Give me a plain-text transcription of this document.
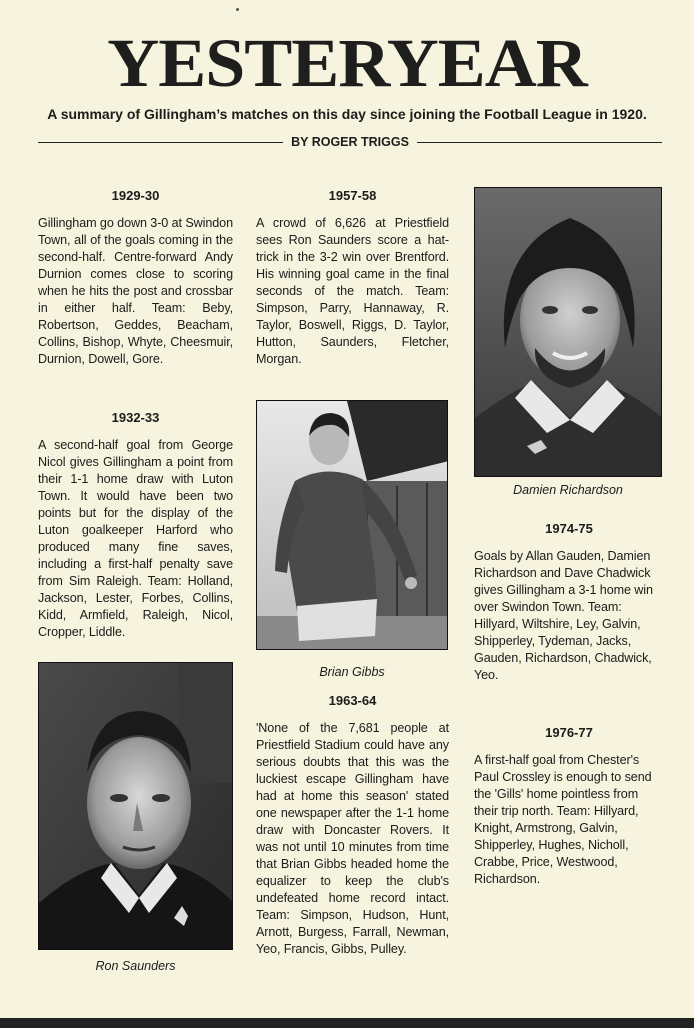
YESTERYEAR
A summary of Gillingham’s matches on this day since joining the Football League in 1920.
BY ROGER TRIGGS
1929-30
Gillingham go down 3-0 at Swindon Town, all of the goals coming in the second-half. Centre-forward Andy Durnion comes close to scoring when he hits the post and crossbar in either half. Team: Beby, Robertson, Geddes, Beacham, Collins, Bishop, Whyte, Cheesmuir, Durnion, Dowell, Gore.
1932-33
A second-half goal from George Nicol gives Gillingham a point from their 1-1 home draw with Luton Town. It would have been two points but for the display of the Luton goalkeeper Harford who produced many fine saves, including a first-half penalty save from Sim Raleigh. Team: Holland, Jackson, Lester, Forbes, Collins, Kidd, Armfield, Raleigh, Nicol, Cropper, Liddle.
Ron Saunders
1957-58
A crowd of 6,626 at Priestfield sees Ron Saunders score a hat-trick in the 3-2 win over Brentford. His winning goal came in the final seconds of the match. Team: Simpson, Parry, Hannaway, R. Taylor, Boswell, Riggs, D. Taylor, Hutton, Saunders, Fletcher, Morgan.
Brian Gibbs
1963-64
'None of the 7,681 people at Priestfield Stadium could have any serious doubts that this was the luckiest escape Gillingham have had at home this season' stated one newspaper after the 1-1 home draw with Doncaster Rovers. It was not until 10 minutes from time that Brian Gibbs headed home the equalizer to keep the club's undefeated home record intact. Team: Simpson, Hudson, Hunt, Arnott, Burgess, Farrall, Newman, Yeo, Francis, Gibbs, Pulley.
Damien Richardson
1974-75
Goals by Allan Gauden, Damien Richardson and Dave Chadwick gives Gillingham a 3-1 home win over Swindon Town. Team: Hillyard, Wiltshire, Ley, Galvin, Shipperley, Tydeman, Jacks, Gauden, Richardson, Chadwick, Yeo.
1976-77
A first-half goal from Chester's Paul Crossley is enough to send the 'Gills' home pointless from their trip north. Team: Hillyard, Knight, Armstrong, Galvin, Shipperley, Hughes, Nicholl, Crabbe, Price, Westwood, Richardson.
